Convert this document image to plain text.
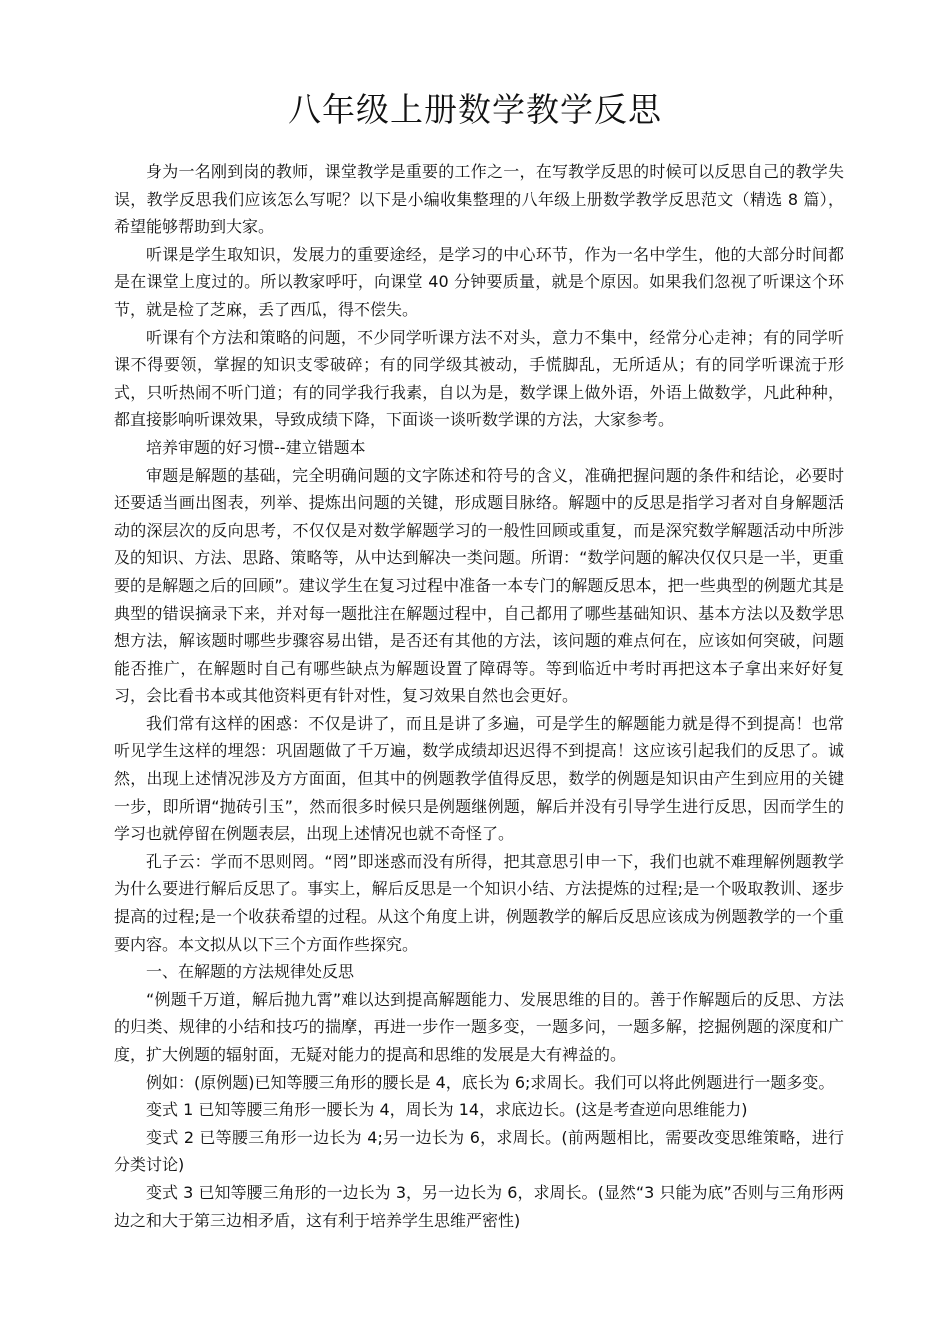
八年级上册数学教学反思

身为一名刚到岗的教师，课堂教学是重要的工作之一，在写教学反思的时候可以反思自己的教学失误，教学反思我们应该怎么写呢？以下是小编收集整理的八年级上册数学教学反思范文（精选 8 篇），希望能够帮助到大家。

听课是学生取知识，发展力的重要途经，是学习的中心环节，作为一名中学生，他的大部分时间都是在课堂上度过的。所以教家呼吁，向课堂 40 分钟要质量，就是个原因。如果我们忽视了听课这个环节，就是检了芝麻，丢了西瓜，得不偿失。

听课有个方法和策略的问题，不少同学听课方法不对头，意力不集中，经常分心走神；有的同学听课不得要领，掌握的知识支零破碎；有的同学级其被动，手慌脚乱，无所适从；有的同学听课流于形式，只听热闹不听门道；有的同学我行我素，自以为是，数学课上做外语，外语上做数学，凡此种种，都直接影响听课效果，导致成绩下降，下面谈一谈听数学课的方法，大家参考。

培养审题的好习惯--建立错题本

审题是解题的基础，完全明确问题的文字陈述和符号的含义，准确把握问题的条件和结论，必要时还要适当画出图表，列举、提炼出问题的关键，形成题目脉络。解题中的反思是指学习者对自身解题活动的深层次的反向思考，不仅仅是对数学解题学习的一般性回顾或重复，而是深究数学解题活动中所涉及的知识、方法、思路、策略等，从中达到解决一类问题。所谓：“数学问题的解决仅仅只是一半，更重要的是解题之后的回顾”。建议学生在复习过程中准备一本专门的解题反思本，把一些典型的例题尤其是典型的错误摘录下来，并对每一题批注在解题过程中，自己都用了哪些基础知识、基本方法以及数学思想方法，解该题时哪些步骤容易出错，是否还有其他的方法，该问题的难点何在，应该如何突破，问题能否推广，在解题时自己有哪些缺点为解题设置了障碍等。等到临近中考时再把这本子拿出来好好复习，会比看书本或其他资料更有针对性，复习效果自然也会更好。

我们常有这样的困惑：不仅是讲了，而且是讲了多遍，可是学生的解题能力就是得不到提高！也常听见学生这样的埋怨：巩固题做了千万遍，数学成绩却迟迟得不到提高！这应该引起我们的反思了。诚然，出现上述情况涉及方方面面，但其中的例题教学值得反思，数学的例题是知识由产生到应用的关键一步，即所谓“抛砖引玉”，然而很多时候只是例题继例题，解后并没有引导学生进行反思，因而学生的学习也就停留在例题表层，出现上述情况也就不奇怪了。

孔子云：学而不思则罔。“罔”即迷惑而没有所得，把其意思引申一下，我们也就不难理解例题教学为什么要进行解后反思了。事实上，解后反思是一个知识小结、方法提炼的过程;是一个吸取教训、逐步提高的过程;是一个收获希望的过程。从这个角度上讲，例题教学的解后反思应该成为例题教学的一个重要内容。本文拟从以下三个方面作些探究。

一、在解题的方法规律处反思

“例题千万道，解后抛九霄”难以达到提高解题能力、发展思维的目的。善于作解题后的反思、方法的归类、规律的小结和技巧的揣摩，再进一步作一题多变，一题多问，一题多解，挖掘例题的深度和广度，扩大例题的辐射面，无疑对能力的提高和思维的发展是大有裨益的。

例如：(原例题)已知等腰三角形的腰长是 4，底长为 6;求周长。我们可以将此例题进行一题多变。

变式 1 已知等腰三角形一腰长为 4，周长为 14，求底边长。(这是考查逆向思维能力)

变式 2 已等腰三角形一边长为 4;另一边长为 6，求周长。(前两题相比，需要改变思维策略，进行分类讨论)

变式 3 已知等腰三角形的一边长为 3，另一边长为 6，求周长。(显然“3 只能为底”否则与三角形两边之和大于第三边相矛盾，这有利于培养学生思维严密性)
